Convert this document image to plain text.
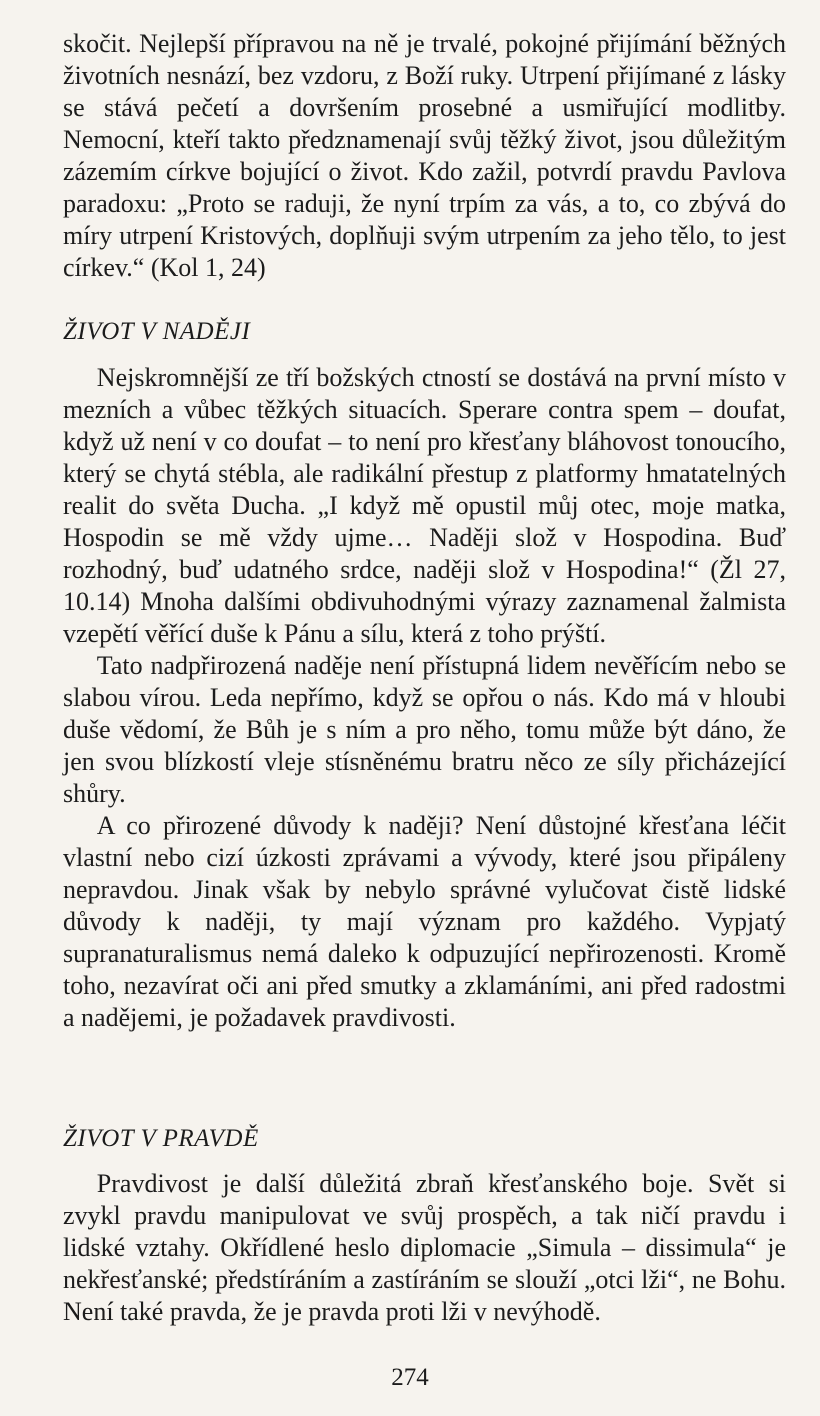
skočit. Nejlepší přípravou na ně je trvalé, pokojné přijímání běžných životních nesnází, bez vzdoru, z Boží ruky. Utrpení přijímané z lásky se stává pečetí a dovršením prosebné a usmiřující modlitby. Nemocní, kteří takto předznamenají svůj těžký život, jsou důležitým zázemím církve bojující o život. Kdo zažil, potvrdí pravdu Pavlova paradoxu: „Proto se raduji, že nyní trpím za vás, a to, co zbývá do míry utrpení Kristových, doplňuji svým utrpením za jeho tělo, to jest církev.“ (Kol 1, 24)

ŽIVOT V NADĚJI

Nejskromnější ze tří božských ctností se dostává na první místo v mezních a vůbec těžkých situacích. Sperare contra spem – doufat, když už není v co doufat – to není pro křesťany bláhovost tonoucího, který se chytá stébla, ale radikální přestup z platformy hmatatelných realit do světa Ducha. „I když mě opustil můj otec, moje matka, Hospodin se mě vždy ujme… Naději slož v Hospodina. Buď rozhodný, buď udatného srdce, naději slož v Hospodina!“ (Žl 27, 10.14) Mnoha dalšími obdivuhodnými výrazy zaznamenal žalmista vzepětí věřící duše k Pánu a sílu, která z toho prýští.

Tato nadpřirozená naděje není přístupná lidem nevěřícím nebo se slabou vírou. Leda nepřímo, když se opřou o nás. Kdo má v hloubi duše vědomí, že Bůh je s ním a pro něho, tomu může být dáno, že jen svou blízkostí vleje stísněnému bratru něco ze síly přicházející shůry.

A co přirozené důvody k naději? Není důstojné křesťana léčit vlastní nebo cizí úzkosti zprávami a vývody, které jsou připáleny nepravdou. Jinak však by nebylo správné vylučovat čistě lidské důvody k naději, ty mají význam pro každého. Vypjatý supranaturalismus nemá daleko k odpuzující nepřirozenosti. Kromě toho, nezavírat oči ani před smutky a zklamáními, ani před radostmi a nadějemi, je požadavek pravdivosti.

ŽIVOT V PRAVDĚ

Pravdivost je další důležitá zbraň křesťanského boje. Svět si zvykl pravdu manipulovat ve svůj prospěch, a tak ničí pravdu i lidské vztahy. Okřídlené heslo diplomacie „Simula – dissimula“ je nekřesťanské; předstíráním a zastíráním se slouží „otci lži“, ne Bohu. Není také pravda, že je pravda proti lži v nevýhodě.

274
